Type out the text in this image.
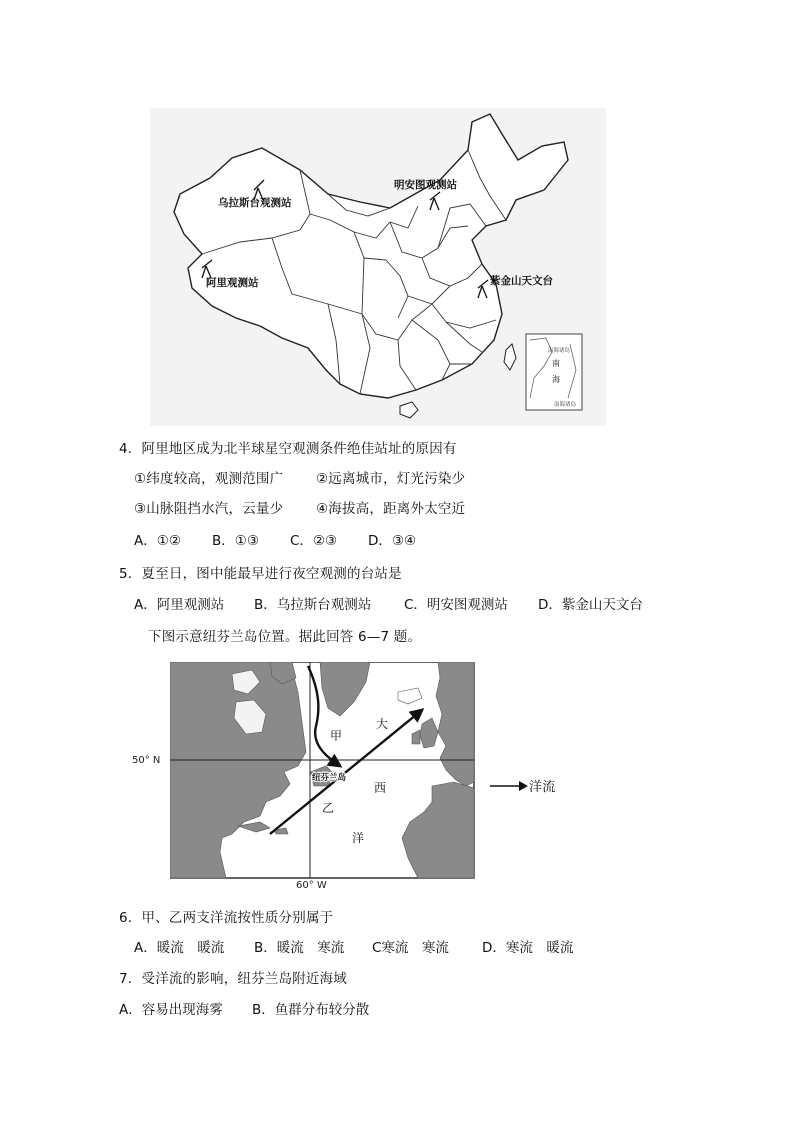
乌拉斯台观测站
明安图观测站
阿里观测站	紫金山天文台
南海诸岛
南
海
南海诸岛
4．阿里地区成为北半球星空观测条件绝佳站址的原因有
①纬度较高，观测范围广 ②远离城市，灯光污染少
③山脉阻挡水汽，云量少 ④海拔高，距离外太空近
A．①② B．①③ C．②③ D．③④
5．夏至日，图中能最早进行夜空观测的台站是
A．阿里观测站 B．乌拉斯台观测站 C．明安图观测站 D．紫金山天文台
下图示意纽芬兰岛位置。据此回答 6—7 题。
甲
大
西
乙
洋
纽芬兰岛
50° N
60° W
洋流
6．甲、乙两支洋流按性质分别属于
A．暖流　暖流 B．暖流　寒流 C寒流　寒流 D．寒流　暖流
7．受洋流的影响，纽芬兰岛附近海域
A．容易出现海雾 B．鱼群分布较分散
